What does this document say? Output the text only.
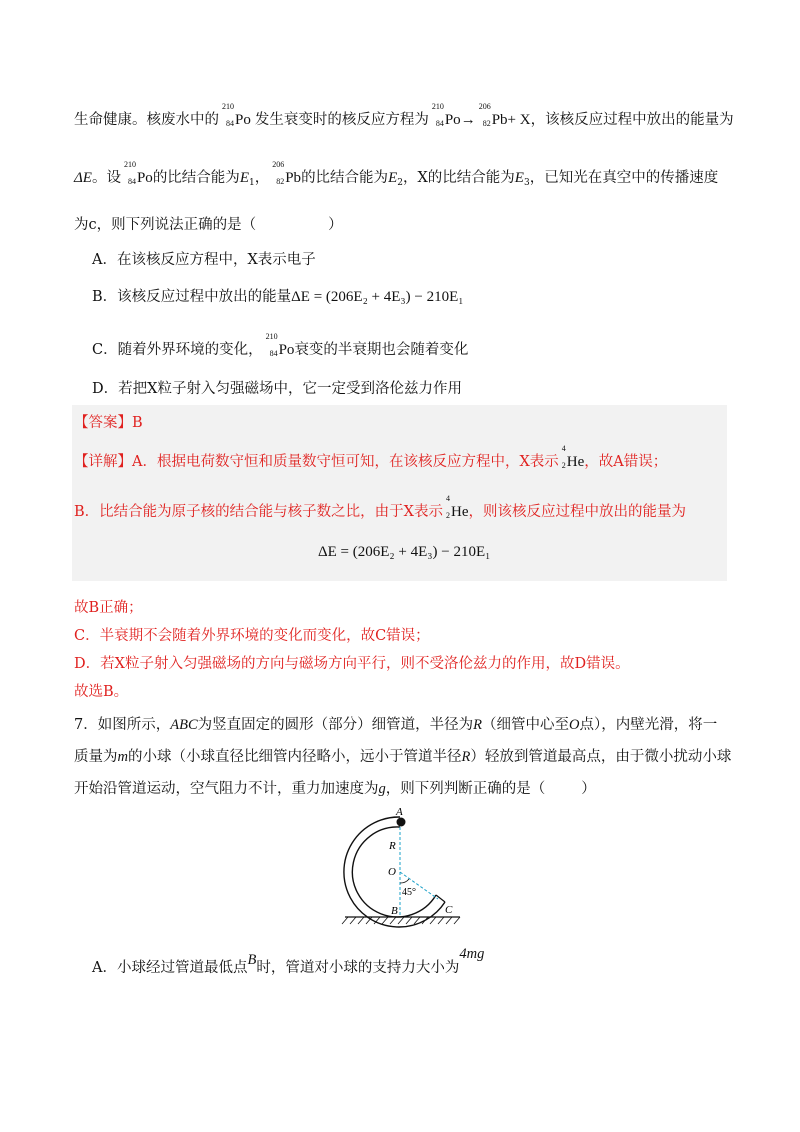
生命健康。核废水中的
210
84 Po 发生衰变时的核反应方程为
210
84 Po→
206
82 Pb+ X，该核反应过程中放出的能量为
ΔE。设
210
84 Po的比结合能为$E_1$，
206
82 Pb的比结合能为$E_2$，X的比结合能为$E_3$，已知光在真空中的传播速度
为c，则下列说法正确的是（	）
A．在该核反应方程中，X表示电子
B．该核反应过程中放出的能量ΔE = (206E₂ + 4E₃) − 210E₁
C．随着外界环境的变化，
210
84 Po衰变的半衰期也会随着变化
D．若把X粒子射入匀强磁场中，它一定受到洛伦兹力作用
【答案】B
【详解】A．根据电荷数守恒和质量数守恒可知，在该核反应方程中，X表示
4
2 He，故A错误；
B．比结合能为原子核的结合能与核子数之比，由于X表示
4
2 He，则该核反应过程中放出的能量为
ΔE = (206E₂ + 4E₃) − 210E₁
故B正确；
C．半衰期不会随着外界环境的变化而变化，故C错误；
D．若X粒子射入匀强磁场的方向与磁场方向平行，则不受洛伦兹力的作用，故D错误。
故选B。
7．如图所示，ABC为竖直固定的圆形（部分）细管道，半径为R（细管中心至O点），内壁光滑，将一
质量为m的小球（小球直径比细管内径略小，远小于管道半径R）轻放到管道最高点，由于微小扰动小球
开始沿管道运动，空气阻力不计，重力加速度为g，则下列判断正确的是（ ）
A
R
O
45°
B	C
A．小球经过管道最低点B时，管道对小球的支持力大小为4mg
